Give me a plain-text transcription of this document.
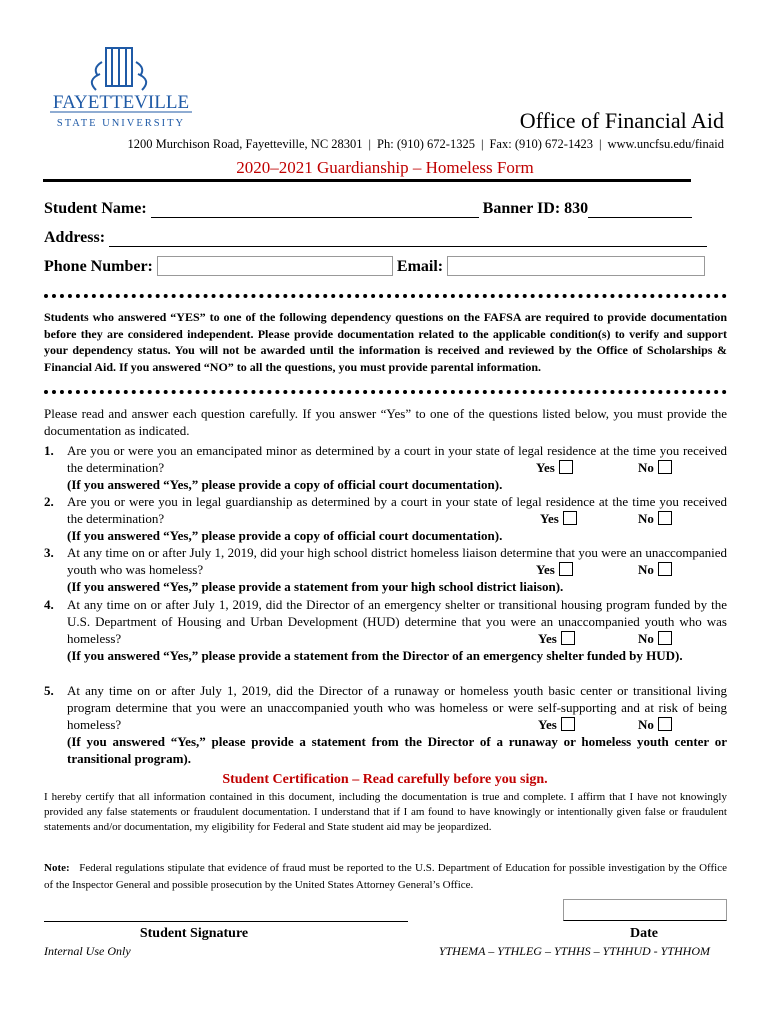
FAYETTEVILLE
STATE UNIVERSITY	Office of Financial Aid
1200 Murchison Road, Fayetteville, NC 28301 | Ph: (910) 672-1325 | Fax: (910) 672-1423 | www.uncfsu.edu/finaid
2020–2021 Guardianship – Homeless Form
Student Name:	Banner ID: 830
Address:
Phone Number:	Email:
Students who answered “YES” to one of the following dependency questions on the FAFSA are required to provide documentation before they are considered independent. Please provide documentation related to the applicable condition(s) to verify and support your dependency status. You will not be awarded until the information is received and reviewed by the Office of Scholarships & Financial Aid. If you answered “NO” to all the questions, you must provide parental information.
Please read and answer each question carefully. If you answer “Yes” to one of the questions listed below, you must provide the documentation as indicated.
1. Are you or were you an emancipated minor as determined by a court in your state of legal residence at the time you received the determination?
(If you answered “Yes,” please provide a copy of official court documentation).
Yes	No
2. Are you or were you in legal guardianship as determined by a court in your state of legal residence at the time you received the determination?
(If you answered “Yes,” please provide a copy of official court documentation).
Yes	No
3. At any time on or after July 1, 2019, did your high school district homeless liaison determine that you were an unaccompanied youth who was homeless?
(If you answered “Yes,” please provide a statement from your high school district liaison).
Yes	No
4. At any time on or after July 1, 2019, did the Director of an emergency shelter or transitional housing program funded by the U.S. Department of Housing and Urban Development (HUD) determine that you were an unaccompanied youth who was homeless?
(If you answered “Yes,” please provide a statement from the Director of an emergency shelter funded by HUD).
Yes	No
5. At any time on or after July 1, 2019, did the Director of a runaway or homeless youth basic center or transitional living program determine that you were an unaccompanied youth who was homeless or were self-supporting and at risk of being homeless?
(If you answered “Yes,” please provide a statement from the Director of a runaway or homeless youth center or transitional program).
Yes	No
Student Certification – Read carefully before you sign.
I hereby certify that all information contained in this document, including the documentation is true and complete. I affirm that I have not knowingly provided any false statements or fraudulent documentation. I understand that if I am found to have knowingly or intentionally given false or fraudulent statements and/or documentation, my eligibility for Federal and State student aid may be jeopardized.
Note: Federal regulations stipulate that evidence of fraud must be reported to the U.S. Department of Education for possible investigation by the Office of the Inspector General and possible prosecution by the United States Attorney General’s Office.
Student Signature	Date
Internal Use Only	YTHEMA – YTHLEG – YTHHS – YTHHUD - YTHHOM
